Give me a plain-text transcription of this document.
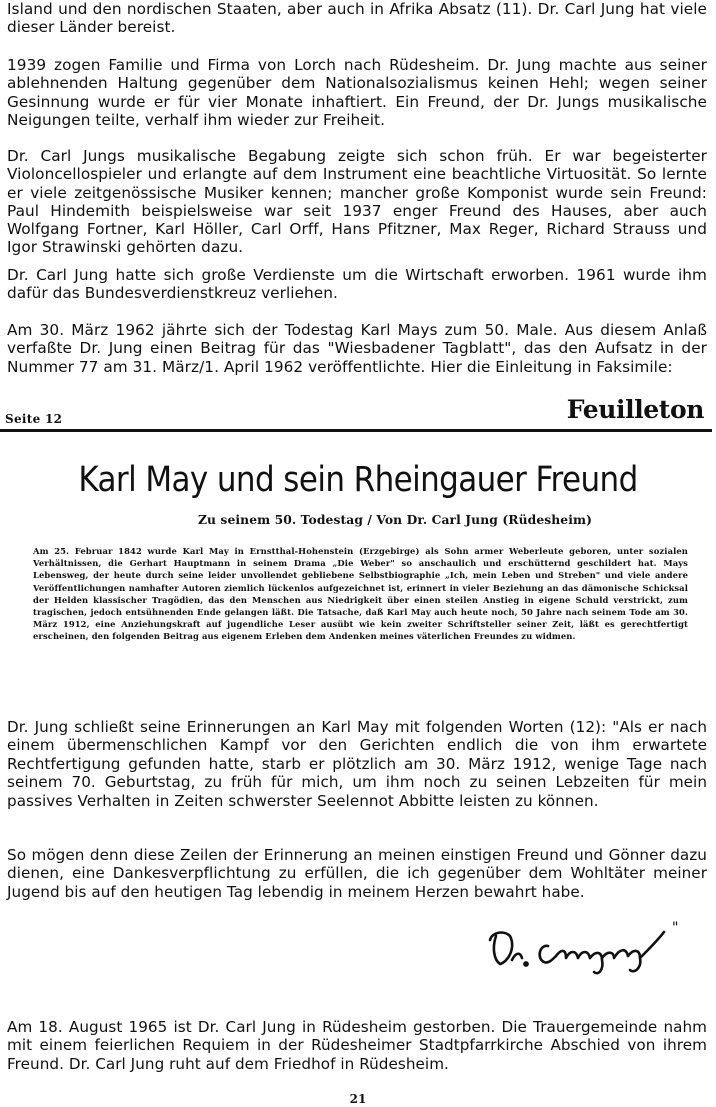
Island und den nordischen Staaten, aber auch in Afrika Absatz (11). Dr. Carl Jung hat viele dieser Länder bereist.

1939 zogen Familie und Firma von Lorch nach Rüdesheim. Dr. Jung machte aus seiner ablehnenden Haltung gegenüber dem Nationalsozialismus keinen Hehl; wegen seiner Gesinnung wurde er für vier Monate inhaftiert. Ein Freund, der Dr. Jungs musikalische Neigungen teilte, verhalf ihm wieder zur Freiheit.

Dr. Carl Jungs musikalische Begabung zeigte sich schon früh. Er war begeisterter Violoncellospieler und erlangte auf dem Instrument eine beachtliche Virtuosität. So lernte er viele zeitgenössische Musiker kennen; mancher große Komponist wurde sein Freund: Paul Hindemith beispielsweise war seit 1937 enger Freund des Hauses, aber auch Wolfgang Fortner, Karl Höller, Carl Orff, Hans Pfitzner, Max Reger, Richard Strauss und Igor Strawinski gehörten dazu.

Dr. Carl Jung hatte sich große Verdienste um die Wirtschaft erworben. 1961 wurde ihm dafür das Bundesverdienstkreuz verliehen.

Am 30. März 1962 jährte sich der Todestag Karl Mays zum 50. Male. Aus diesem Anlaß verfaßte Dr. Jung einen Beitrag für das "Wiesbadener Tagblatt", das den Aufsatz in der Nummer 77 am 31. März/1. April 1962 veröffentlichte. Hier die Einleitung in Faksimile:

Seite 12	Feuilleton
Karl May und sein Rheingauer Freund
Zu seinem 50. Todestag / Von Dr. Carl Jung (Rüdesheim)

Am 25. Februar 1842 wurde Karl May in Ernstthal-Hohenstein (Erzgebirge) als Sohn armer Weberleute geboren, unter sozialen Verhältnissen, die Gerhart Hauptmann in seinem Drama „Die Weber" so anschaulich und erschütternd geschildert hat. Mays Lebensweg, der heute durch seine leider unvollendet gebliebene Selbstbiographie „Ich, mein Leben und Streben" und viele andere Veröffentlichungen namhafter Autoren ziemlich lückenlos aufgezeichnet ist, erinnert in vieler Beziehung an das dämonische Schicksal der Helden klassischer Tragödien, das den Menschen aus Niedrigkeit über einen steilen Anstieg in eigene Schuld verstrickt, zum tragischen, jedoch entsühnenden Ende gelangen läßt. Die Tatsache, daß Karl May auch heute noch, 50 Jahre nach seinem Tode am 30. März 1912, eine Anziehungskraft auf jugendliche Leser ausübt wie kein zweiter Schriftsteller seiner Zeit, läßt es gerechtfertigt erscheinen, den folgenden Beitrag aus eigenem Erleben dem Andenken meines väterlichen Freundes zu widmen.

Dr. Jung schließt seine Erinnerungen an Karl May mit folgenden Worten (12): "Als er nach einem übermenschlichen Kampf vor den Gerichten endlich die von ihm erwartete Rechtfertigung gefunden hatte, starb er plötzlich am 30. März 1912, wenige Tage nach seinem 70. Geburtstag, zu früh für mich, um ihm noch zu seinen Lebzeiten für mein passives Verhalten in Zeiten schwerster Seelennot Abbitte leisten zu können.

So mögen denn diese Zeilen der Erinnerung an meinen einstigen Freund und Gönner dazu dienen, eine Dankesverpflichtung zu erfüllen, die ich gegenüber dem Wohltäter meiner Jugend bis auf den heutigen Tag lebendig in meinem Herzen bewahrt habe.

"

Am 18. August 1965 ist Dr. Carl Jung in Rüdesheim gestorben. Die Trauergemeinde nahm mit einem feierlichen Requiem in der Rüdesheimer Stadtpfarrkirche Abschied von ihrem Freund. Dr. Carl Jung ruht auf dem Friedhof in Rüdesheim.

21
